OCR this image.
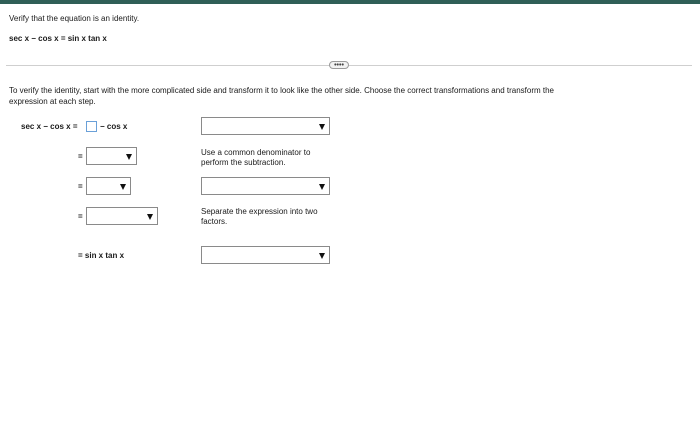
Verify that the equation is an identity.
sec x − cos x = sin x tan x
••••
To verify the identity, start with the more complicated side and transform it to look like the other side. Choose the correct transformations and transform the
expression at each step.
sec x − cos x =	− cos x
=	Use a common denominator to
perform the subtraction.
=
=
Separate the expression into two
factors.
= sin x tan x
